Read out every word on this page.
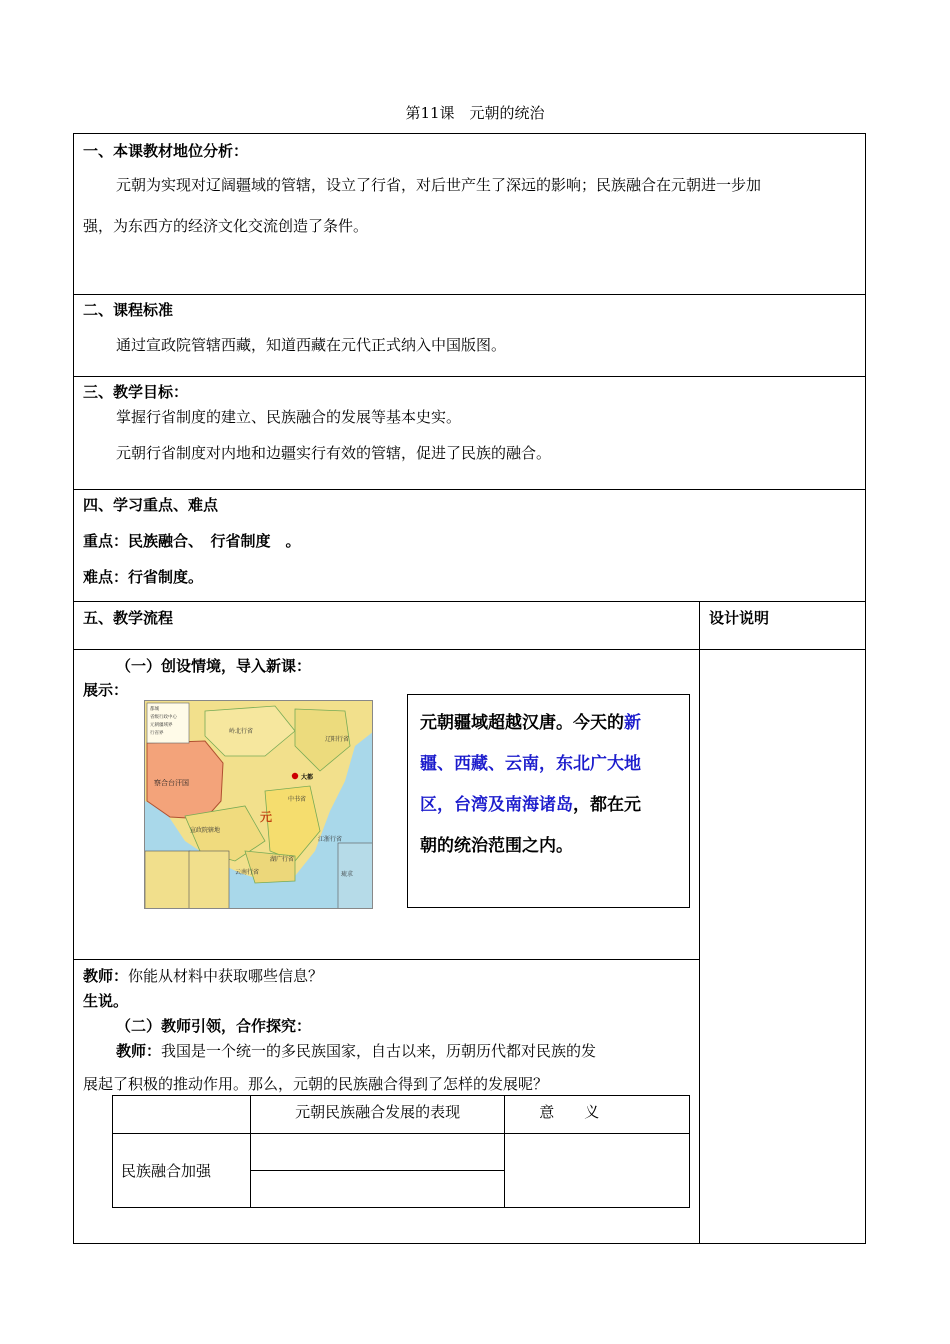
第11课　元朝的统治
一、本课教材地位分析：
元朝为实现对辽阔疆域的管辖，设立了行省，对后世产生了深远的影响；民族融合在元朝进一步加
强，为东西方的经济文化交流创造了条件。
二、课程标准
通过宣政院管辖西藏，知道西藏在元代正式纳入中国版图。
三、教学目标：
掌握行省制度的建立、民族融合的发展等基本史实。
元朝行省制度对内地和边疆实行有效的管辖，促进了民族的融合。
四、学习重点、难点
重点：民族融合、　行省制度　。
难点：行省制度。
五、教学流程	设计说明
（一）创设情境，导入新课：
展示：
都城
省级行政中心
元朝疆域界
行省界	岭北行省
辽阳行省
中书省
大都
察合台汗国
宣政院辖地
云南行省
江浙行省
湖广行省
琉求
元
元朝疆域超越汉唐。今天的新
疆、西藏、云南，东北广大地
区，台湾及南海诸岛，都在元
朝的统治范围之内。
教师：你能从材料中获取哪些信息？
生说。
（二）教师引领，合作探究：
教师：我国是一个统一的多民族国家，自古以来，历朝历代都对民族的发
展起了积极的推动作用。那么，元朝的民族融合得到了怎样的发展呢？
	元朝民族融合发展的表现	意　　义
民族融合加强		
